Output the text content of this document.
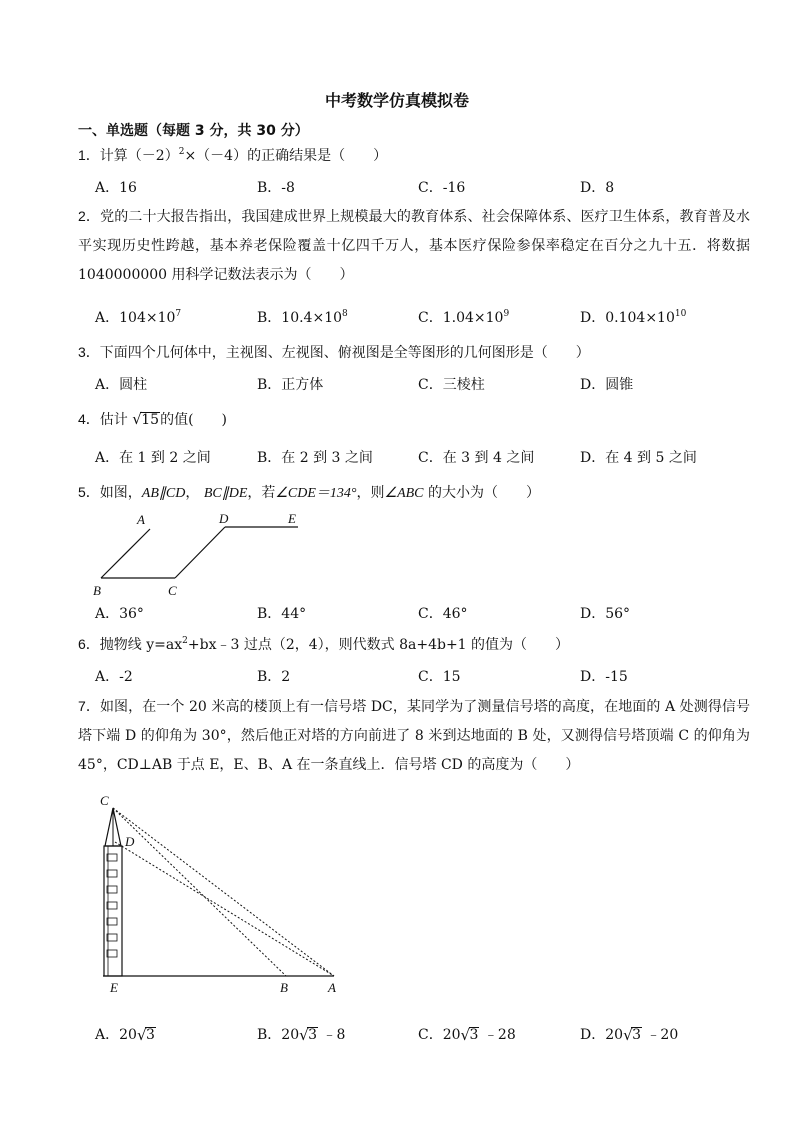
中考数学仿真模拟卷
一、单选题（每题 3 分，共 30 分）
1．计算$(-2)^2\times(-4)$的正确结果是（　　）
A．16	B．-8	C．-16	D．8
2．党的二十大报告指出，我国建成世界上规模最大的教育体系、社会保障体系、医疗卫生体系，教育普及水平实现历史性跨越，基本养老保险覆盖十亿四千万人，基本医疗保险参保率稳定在百分之九十五．将数据 1040000000 用科学记数法表示为（　　）
A．$104\times 10^7$	B．$10.4\times 10^8$	C．$1.04\times 10^9$	D．$0.104\times 10^{10}$
3．下面四个几何体中，主视图、左视图、俯视图是全等图形的几何图形是（　　）
A．圆柱	B．正方体	C．三棱柱	D．圆锥
4．估计 √ 15的值(　　)
A．在 1 到 2 之间	B．在 2 到 3 之间	C．在 3 到 4 之间	D．在 4 到 5 之间
5．如图，AB∥CD， BC∥DE，若∠CDE＝134°，则∠ABC 的大小为（　　）
A	D	E
B	C
A．36°	B．44°	C．46°	D．56°
6．抛物线 $y=ax^2+bx﹣3$ 过点（2，4），则代数式 8a+4b+1 的值为（　　）
A．-2	B．2	C．15	D．-15
7．如图，在一个 20 米高的楼顶上有一信号塔 DC，某同学为了测量信号塔的高度，在地面的 A 处测得信号塔下端 D 的仰角为 30°，然后他正对塔的方向前进了 8 米到达地面的 B 处，又测得信号塔顶端 C 的仰角为 45°，CD⊥AB 于点 E，E、B、A 在一条直线上．信号塔 CD 的高度为（　　）
C
D
E	B	A
A．20 √ 3	B．20 √ 3 ﹣8	C．20 √ 3 ﹣28	D．20 √ 3 ﹣20
